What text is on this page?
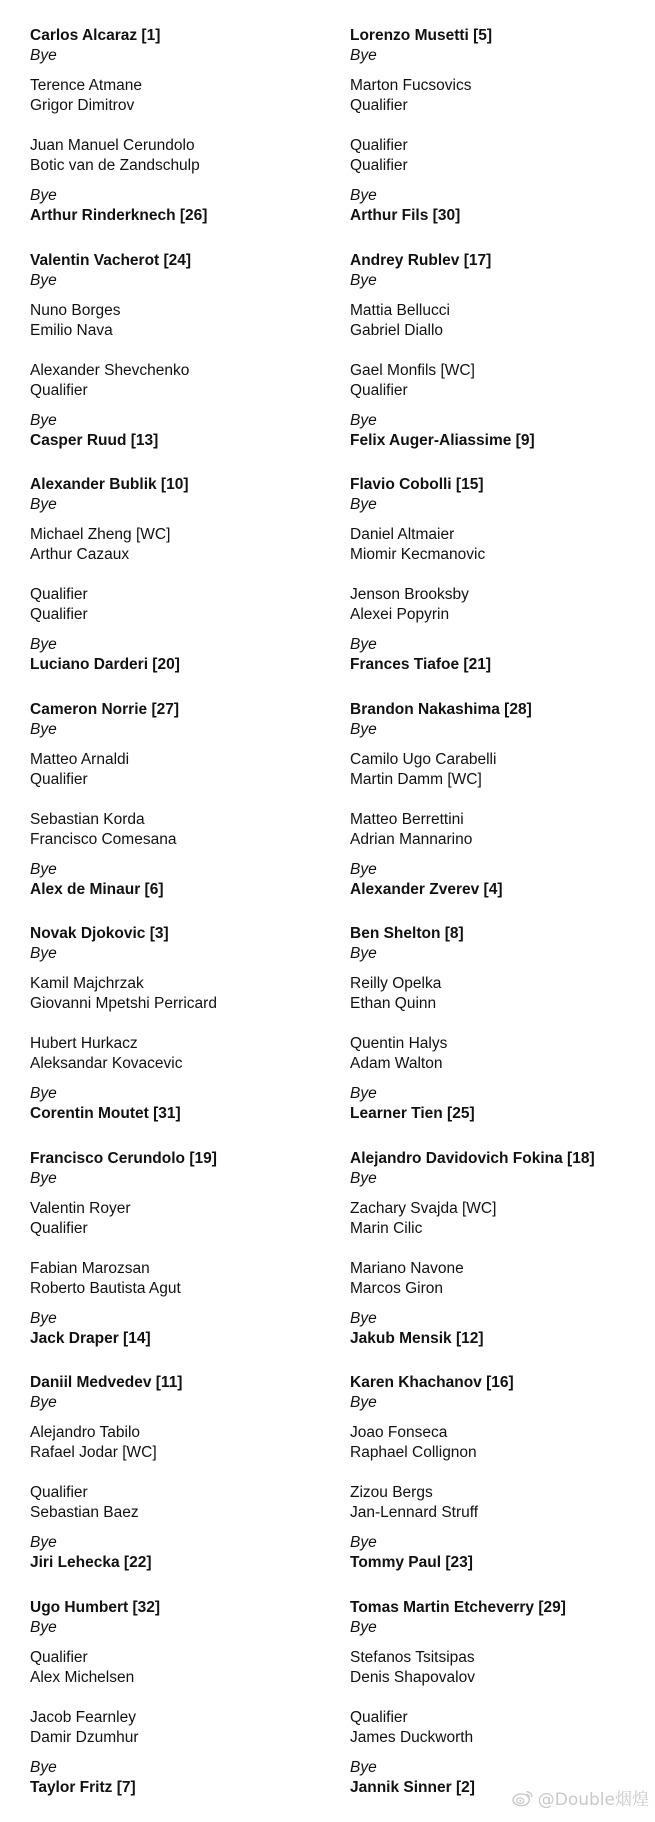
Carlos Alcaraz [1]
Bye
Terence Atmane
Grigor Dimitrov
Juan Manuel Cerundolo
Botic van de Zandschulp
Bye
Arthur Rinderknech [26]
Valentin Vacherot [24]
Bye
Nuno Borges
Emilio Nava
Alexander Shevchenko
Qualifier
Bye
Casper Ruud [13]
Alexander Bublik [10]
Bye
Michael Zheng [WC]
Arthur Cazaux
Qualifier
Qualifier
Bye
Luciano Darderi [20]
Cameron Norrie [27]
Bye
Matteo Arnaldi
Qualifier
Sebastian Korda
Francisco Comesana
Bye
Alex de Minaur [6]
Novak Djokovic [3]
Bye
Kamil Majchrzak
Giovanni Mpetshi Perricard
Hubert Hurkacz
Aleksandar Kovacevic
Bye
Corentin Moutet [31]
Francisco Cerundolo [19]
Bye
Valentin Royer
Qualifier
Fabian Marozsan
Roberto Bautista Agut
Bye
Jack Draper [14]
Daniil Medvedev [11]
Bye
Alejandro Tabilo
Rafael Jodar [WC]
Qualifier
Sebastian Baez
Bye
Jiri Lehecka [22]
Ugo Humbert [32]
Bye
Qualifier
Alex Michelsen
Jacob Fearnley
Damir Dzumhur
Bye
Taylor Fritz [7]
Lorenzo Musetti [5]
Bye
Marton Fucsovics
Qualifier
Qualifier
Qualifier
Bye
Arthur Fils [30]
Andrey Rublev [17]
Bye
Mattia Bellucci
Gabriel Diallo
Gael Monfils [WC]
Qualifier
Bye
Felix Auger-Aliassime [9]
Flavio Cobolli [15]
Bye
Daniel Altmaier
Miomir Kecmanovic
Jenson Brooksby
Alexei Popyrin
Bye
Frances Tiafoe [21]
Brandon Nakashima [28]
Bye
Camilo Ugo Carabelli
Martin Damm [WC]
Matteo Berrettini
Adrian Mannarino
Bye
Alexander Zverev [4]
Ben Shelton [8]
Bye
Reilly Opelka
Ethan Quinn
Quentin Halys
Adam Walton
Bye
Learner Tien [25]
Alejandro Davidovich Fokina [18]
Bye
Zachary Svajda [WC]
Marin Cilic
Mariano Navone
Marcos Giron
Bye
Jakub Mensik [12]
Karen Khachanov [16]
Bye
Joao Fonseca
Raphael Collignon
Zizou Bergs
Jan-Lennard Struff
Bye
Tommy Paul [23]
Tomas Martin Etcheverry [29]
Bye
Stefanos Tsitsipas
Denis Shapovalov
Qualifier
James Duckworth
Bye
Jannik Sinner [2]
@Double烟煌
